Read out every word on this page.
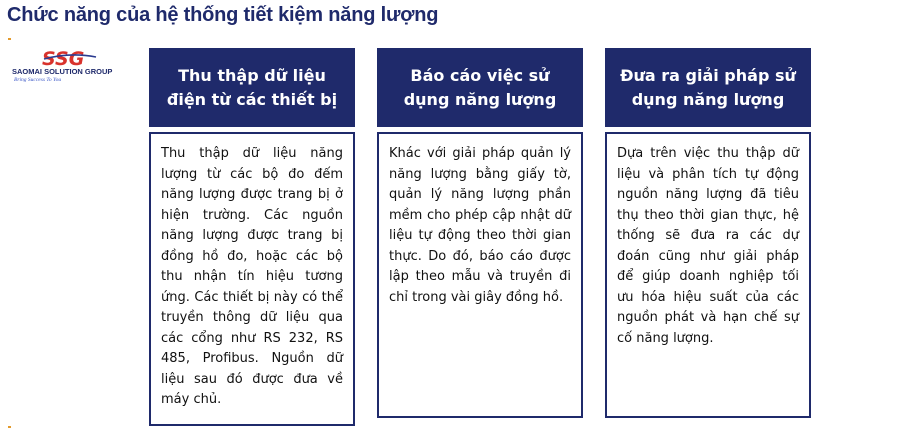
Chức năng của hệ thống tiết kiệm năng lượng
SSG
SAOMAI SOLUTION GROUP
Bring Success To You	Thu thập dữ liệu
điện từ các thiết bị

Thu thập dữ liệu năng lượng từ các bộ đo đếm năng lượng được trang bị ở hiện trường. Các nguồn năng lượng được trang bị đồng hồ đo, hoặc các bộ thu nhận tín hiệu tương ứng. Các thiết bị này có thể truyền thông dữ liệu qua các cổng như RS 232, RS 485, Profibus. Nguồn dữ liệu sau đó được đưa về máy chủ.

Báo cáo việc sử
dụng năng lượng

Khác với giải pháp quản lý năng lượng bằng giấy tờ, quản lý năng lượng phần mềm cho phép cập nhật dữ liệu tự động theo thời gian thực. Do đó, báo cáo được lập theo mẫu và truyền đi chỉ trong vài giây đồng hồ.

Đưa ra giải pháp sử
dụng năng lượng

Dựa trên việc thu thập dữ liệu và phân tích tự động nguồn năng lượng đã tiêu thụ theo thời gian thực, hệ thống sẽ đưa ra các dự đoán cũng như giải pháp để giúp doanh nghiệp tối ưu hóa hiệu suất của các nguồn phát và hạn chế sự cố năng lượng.
